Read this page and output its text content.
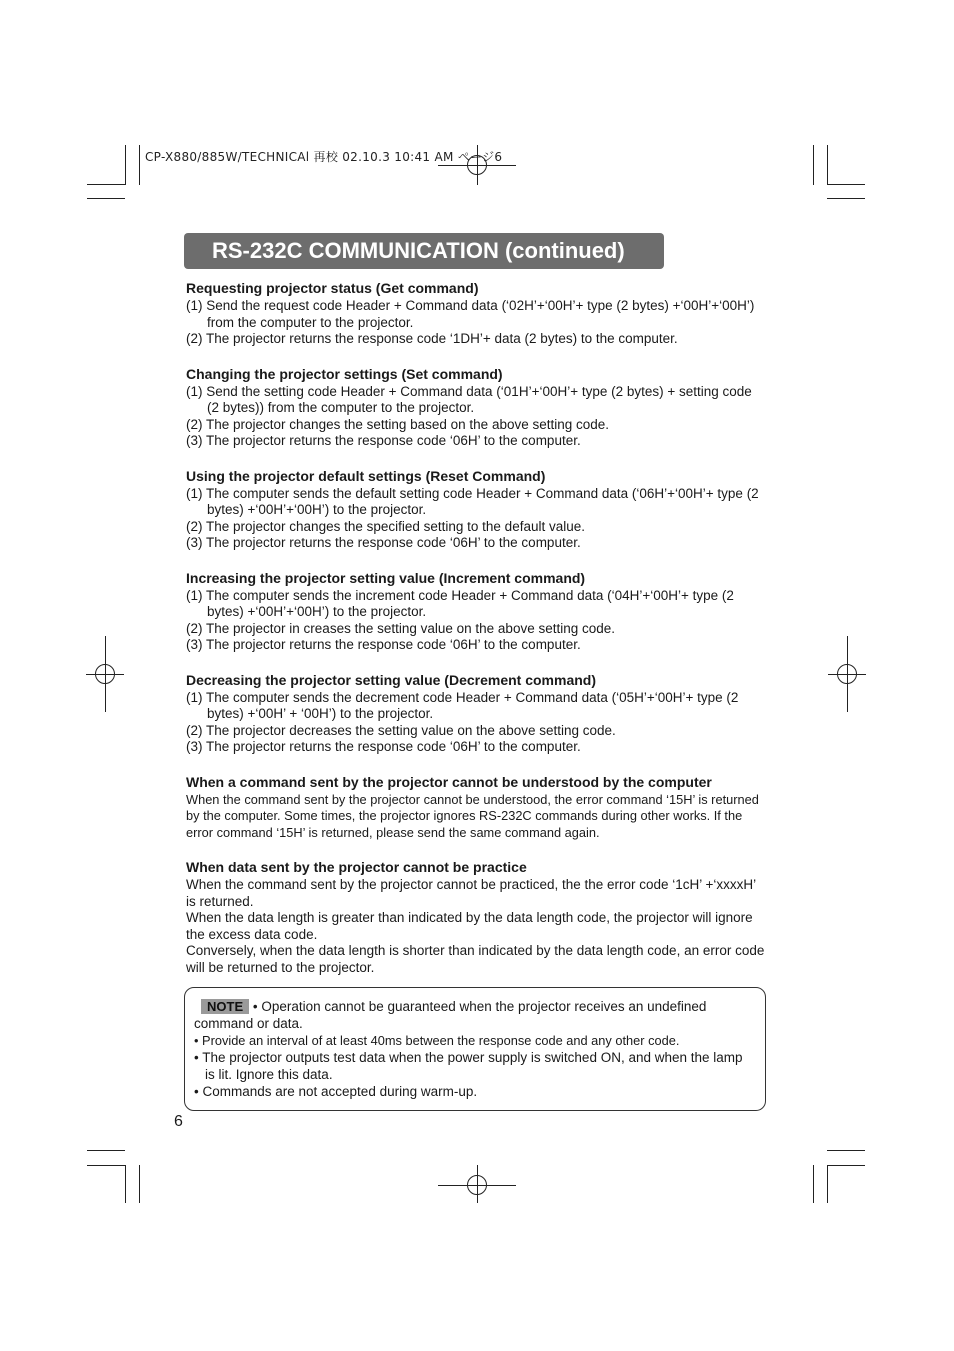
CP-X880/885W/TECHNICAl 再校 02.10.3 10:41 AM ページ6
RS-232C COMMUNICATION (continued)
Requesting projector status (Get command)

(1) Send the request code Header + Command data (‘02H’+‘00H’+ type (2 bytes) +‘00H’+‘00H’) from the computer to the projector.

(2) The projector returns the response code ‘1DH’+ data (2 bytes) to the computer.

Changing the projector settings (Set command)

(1) Send the setting code Header + Command data (‘01H’+‘00H’+ type (2 bytes) + setting code (2 bytes)) from the computer to the projector.

(2) The projector changes the setting based on the above setting code.

(3) The projector returns the response code ‘06H’ to the computer.

Using the projector default settings (Reset Command)

(1) The computer sends the default setting code Header + Command data (‘06H’+‘00H’+ type (2 bytes) +‘00H’+‘00H’) to the projector.

(2) The projector changes the specified setting to the default value.

(3) The projector returns the response code ‘06H’ to the computer.

Increasing the projector setting value (Increment command)

(1) The computer sends the increment code Header + Command data (‘04H’+‘00H’+ type (2 bytes) +‘00H’+‘00H’) to the projector.

(2) The projector in creases the setting value on the above setting code.

(3) The projector returns the response code ‘06H’ to the computer.

Decreasing the projector setting value (Decrement command)

(1) The computer sends the decrement code Header + Command data (‘05H’+‘00H’+ type (2 bytes) +‘00H’ + ‘00H’) to the projector.

(2) The projector decreases the setting value on the above setting code.

(3) The projector returns the response code ‘06H’ to the computer.

When a command sent by the projector cannot be understood by the computer

When the command sent by the projector cannot be understood, the error command ‘15H’ is returned by the computer. Some times, the projector ignores RS-232C commands during other works. If the error command ‘15H’ is returned, please send the same command again.

When data sent by the projector cannot be practice

When the command sent by the projector cannot be practiced, the the error code ‘1cH’ +‘xxxxH’ is returned.

When the data length is greater than indicated by the data length code, the projector will ignore the excess data code.

Conversely, when the data length is shorter than indicated by the data length code, an error code will be returned to the projector.

NOTE • Operation cannot be guaranteed when the projector receives an undefined command or data.

• Provide an interval of at least 40ms between the response code and any other code.

• The projector outputs test data when the power supply is switched ON, and when the lamp is lit. Ignore this data.

• Commands are not accepted during warm-up.

6
